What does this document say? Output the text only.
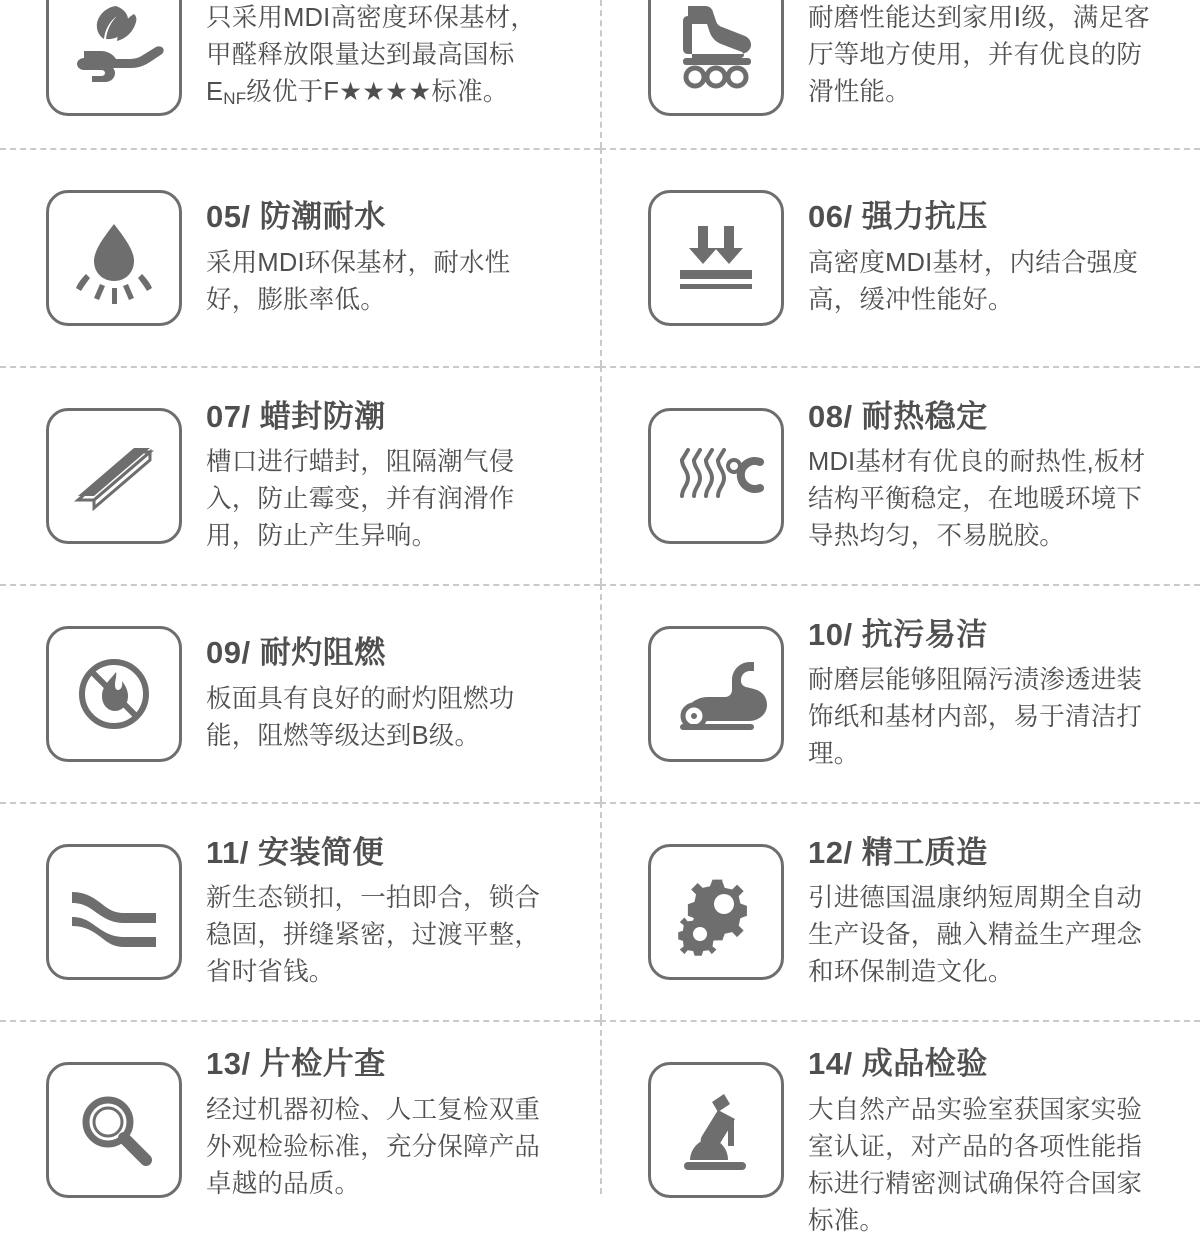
只采用MDI高密度环保基材，甲醛释放限量达到最高国标$E_{NF}$级优于F★★★★标准。

耐磨性能达到家用Ⅰ级，满足客厅等地方使用，并有优良的防滑性能。

05/ 防潮耐水

采用MDI环保基材，耐水性好，膨胀率低。

06/ 强力抗压

高密度MDI基材，内结合强度高，缓冲性能好。

07/ 蜡封防潮

槽口进行蜡封，阻隔潮气侵入，防止霉变，并有润滑作用，防止产生异响。

08/ 耐热稳定

MDI基材有优良的耐热性,板材结构平衡稳定，在地暖环境下导热均匀，不易脱胶。

09/ 耐灼阻燃

板面具有良好的耐灼阻燃功能，阻燃等级达到B级。

10/ 抗污易洁

耐磨层能够阻隔污渍渗透进装饰纸和基材内部，易于清洁打理。

11/ 安装简便

新生态锁扣，一拍即合，锁合稳固，拼缝紧密，过渡平整，省时省钱。

12/ 精工质造

引进德国温康纳短周期全自动生产设备，融入精益生产理念和环保制造文化。

13/ 片检片查

经过机器初检、人工复检双重外观检验标准，充分保障产品卓越的品质。

14/ 成品检验

大自然产品实验室获国家实验室认证，对产品的各项性能指标进行精密测试确保符合国家标准。
